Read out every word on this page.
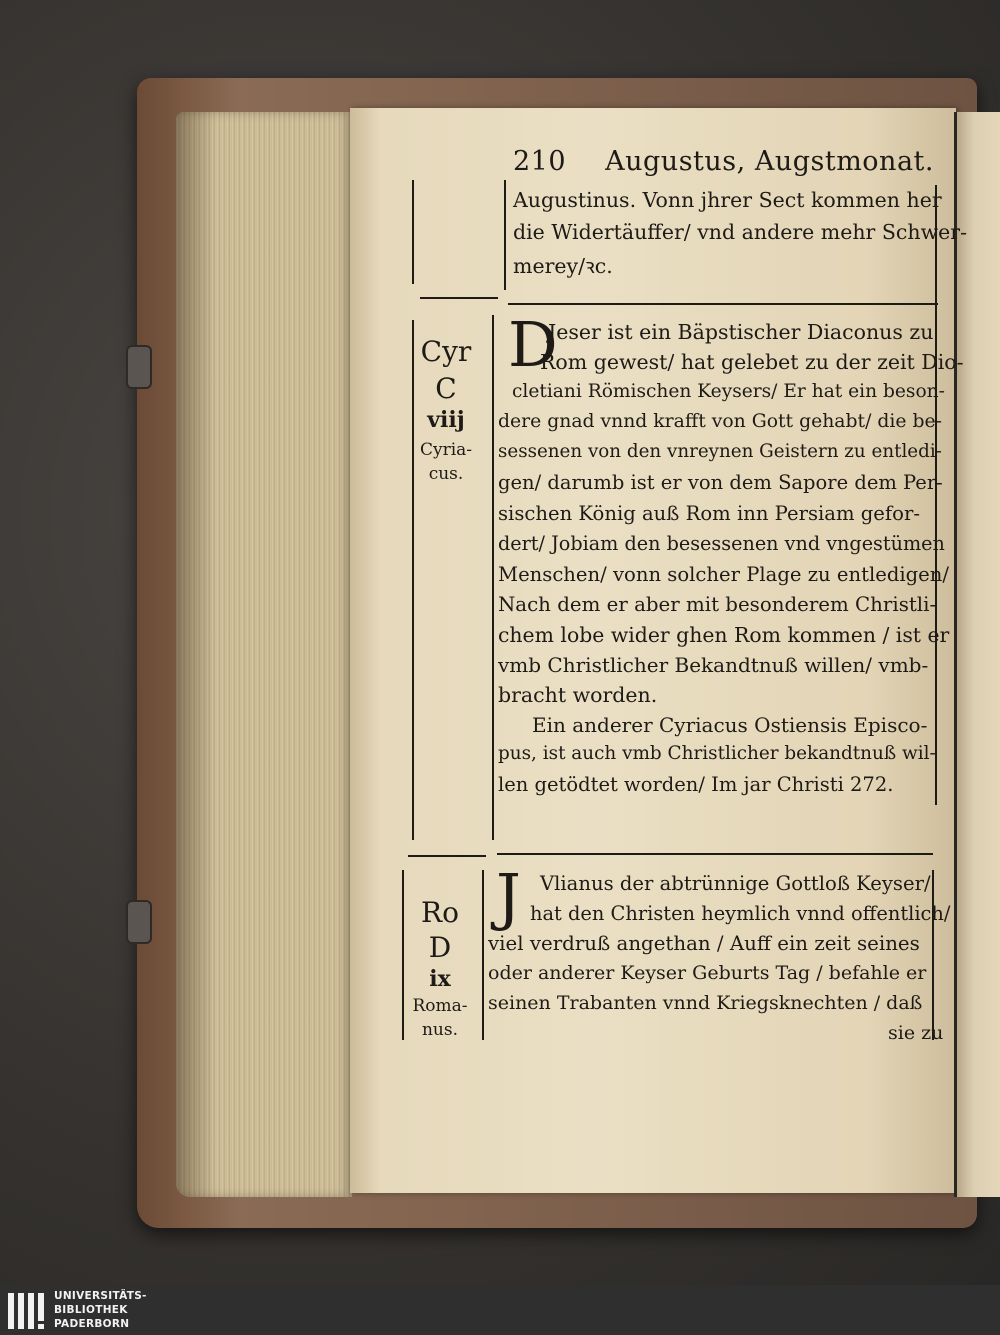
210 Augustus, Augstmonat.
Augustinus. Vonn jhrer Sect kommen her
die Widertäuffer/ vnd andere mehr Schwer-
merey/ꝛc.
Cyr
C
viij
Cyria-
cus.
D
Jeser ist ein Bäpstischer Diaconus zu
Rom gewest/ hat gelebet zu der zeit Dio-
cletiani Römischen Keysers/ Er hat ein beson-
dere gnad vnnd krafft von Gott gehabt/ die be-
sessenen von den vnreynen Geistern zu entledi-
gen/ darumb ist er von dem Sapore dem Per-
sischen König auß Rom inn Persiam gefor-
dert/ Jobiam den besessenen vnd vngestümen
Menschen/ vonn solcher Plage zu entledigen/
Nach dem er aber mit besonderem Christli-
chem lobe wider ghen Rom kommen / ist er
vmb Christlicher Bekandtnuß willen/ vmb-
bracht worden.
Ein anderer Cyriacus Ostiensis Episco-
pus, ist auch vmb Christlicher bekandtnuß wil-
len getödtet worden/ Im jar Christi 272.
Ro
D
ix
Roma-
nus.
J Vlianus der abtrünnige Gottloß Keyser/
hat den Christen heymlich vnnd offentlich/
viel verdruß angethan / Auff ein zeit seines
oder anderer Keyser Geburts Tag / befahle er
seinen Trabanten vnnd Kriegsknechten / daß
sie zu
UNIVERSITÄTS-
BIBLIOTHEK
PADERBORN
